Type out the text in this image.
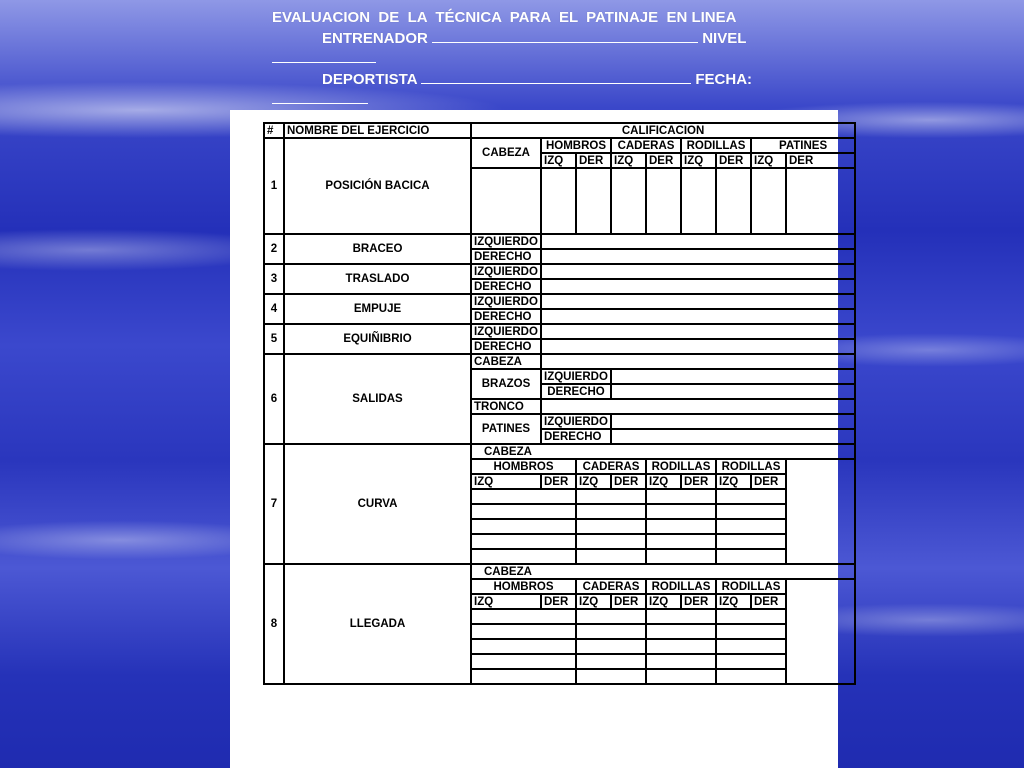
EVALUACION  DE  LA  TÉCNICA  PARA  EL  PATINAJE  EN LINEA
ENTRENADOR	NIVEL
DEPORTISTA	FECHA:
#	NOMBRE DEL EJERCICIO	CALIFICACION								
1	POSICIÓN BACICA	CABEZA	HOMBROS		CADERAS		RODILLAS		PATINES	
			IZQ	DER	IZQ	DER	IZQ	DER	IZQ	DER

2	BRACEO	IZQUIERDO								
		DERECHO								
3	TRASLADO	IZQUIERDO								
		DERECHO								
4	EMPUJE	IZQUIERDO								
		DERECHO								
5	EQUIÑIBRIO	IZQUIERDO								
		DERECHO								
6	SALIDAS	CABEZA								
		BRAZOS	IZQUIERDO							
			DERECHO							
		TRONCO								
		PATINES	IZQUIERDO							
			DERECHO							
7	CURVA	CABEZA								
		HOMBROS		CADERAS		RODILLAS		RODILLAS		
		IZQ	DER	IZQ	DER	IZQ	DER	IZQ	DER	

8	LLEGADA	CABEZA								
		HOMBROS		CADERAS		RODILLAS		RODILLAS		
		IZQ	DER	IZQ	DER	IZQ	DER	IZQ	DER	
